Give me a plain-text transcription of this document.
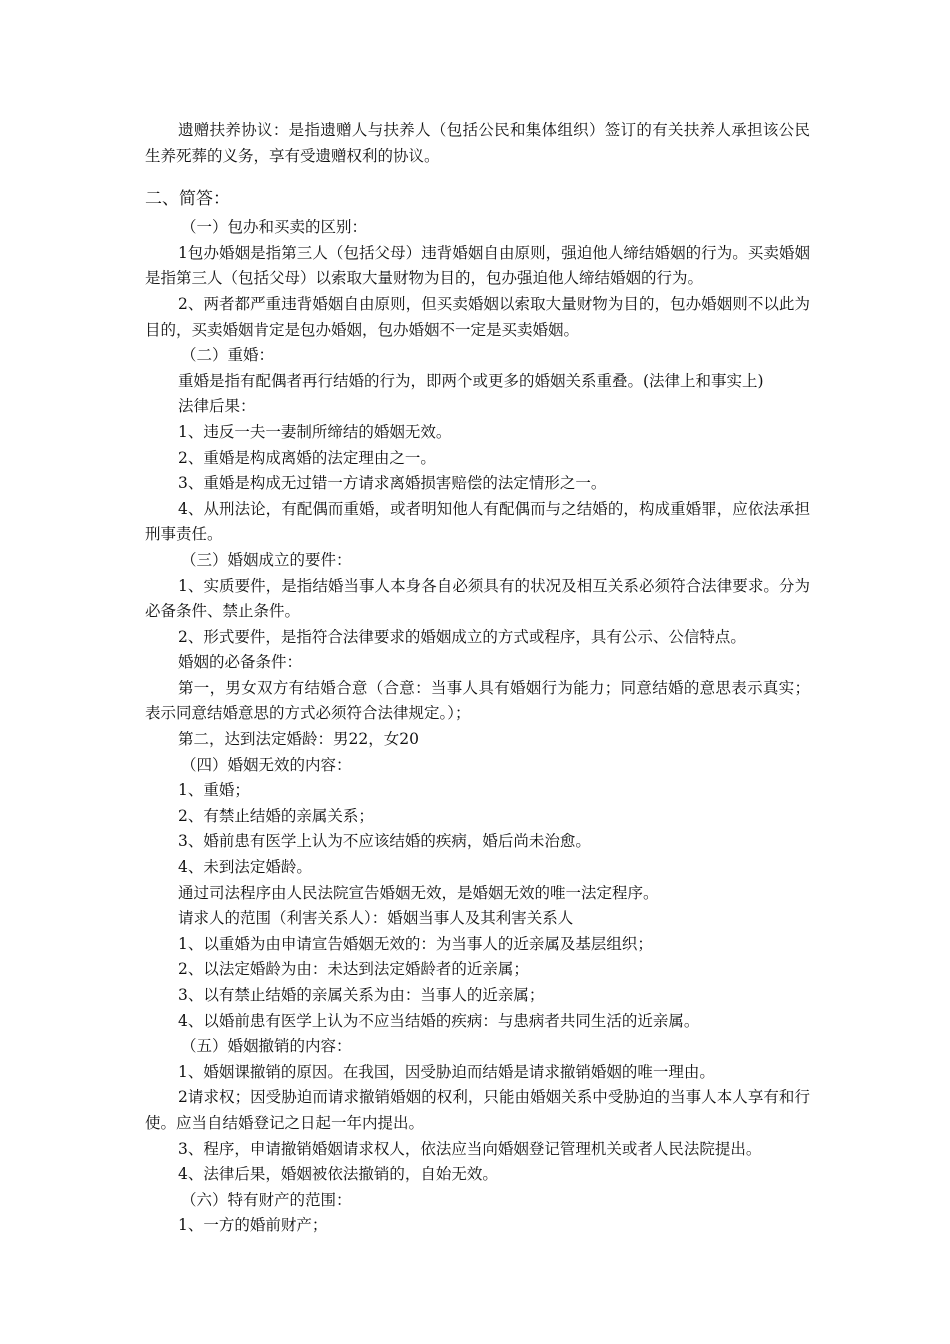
遗赠扶养协议：是指遗赠人与扶养人（包括公民和集体组织）签订的有关扶养人承担该公民生养死葬的义务，享有受遗赠权利的协议。

二、简答：

（一）包办和买卖的区别：

1包办婚姻是指第三人（包括父母）违背婚姻自由原则，强迫他人缔结婚姻的行为。买卖婚姻是指第三人（包括父母）以索取大量财物为目的，包办强迫他人缔结婚姻的行为。

2、两者都严重违背婚姻自由原则，但买卖婚姻以索取大量财物为目的，包办婚姻则不以此为目的，买卖婚姻肯定是包办婚姻，包办婚姻不一定是买卖婚姻。

（二）重婚：

重婚是指有配偶者再行结婚的行为，即两个或更多的婚姻关系重叠。(法律上和事实上)

法律后果：

1、违反一夫一妻制所缔结的婚姻无效。

2、重婚是构成离婚的法定理由之一。

3、重婚是构成无过错一方请求离婚损害赔偿的法定情形之一。

4、从刑法论，有配偶而重婚，或者明知他人有配偶而与之结婚的，构成重婚罪，应依法承担刑事责任。

（三）婚姻成立的要件：

1、实质要件，是指结婚当事人本身各自必须具有的状况及相互关系必须符合法律要求。分为必备条件、禁止条件。

2、形式要件，是指符合法律要求的婚姻成立的方式或程序，具有公示、公信特点。

婚姻的必备条件：

第一，男女双方有结婚合意（合意：当事人具有婚姻行为能力；同意结婚的意思表示真实；表示同意结婚意思的方式必须符合法律规定。）；

第二，达到法定婚龄：男22，女20

（四）婚姻无效的内容：

1、重婚；

2、有禁止结婚的亲属关系；

3、婚前患有医学上认为不应该结婚的疾病，婚后尚未治愈。

4、未到法定婚龄。

通过司法程序由人民法院宣告婚姻无效，是婚姻无效的唯一法定程序。

请求人的范围（利害关系人）：婚姻当事人及其利害关系人

1、以重婚为由申请宣告婚姻无效的：为当事人的近亲属及基层组织；

2、以法定婚龄为由：未达到法定婚龄者的近亲属；

3、以有禁止结婚的亲属关系为由：当事人的近亲属；

4、以婚前患有医学上认为不应当结婚的疾病：与患病者共同生活的近亲属。

（五）婚姻撤销的内容：

1、婚姻课撤销的原因。在我国，因受胁迫而结婚是请求撤销婚姻的唯一理由。

2请求权；因受胁迫而请求撤销婚姻的权利，只能由婚姻关系中受胁迫的当事人本人享有和行使。应当自结婚登记之日起一年内提出。

3、程序，申请撤销婚姻请求权人，依法应当向婚姻登记管理机关或者人民法院提出。

4、法律后果，婚姻被依法撤销的，自始无效。

（六）特有财产的范围：

1、一方的婚前财产；
